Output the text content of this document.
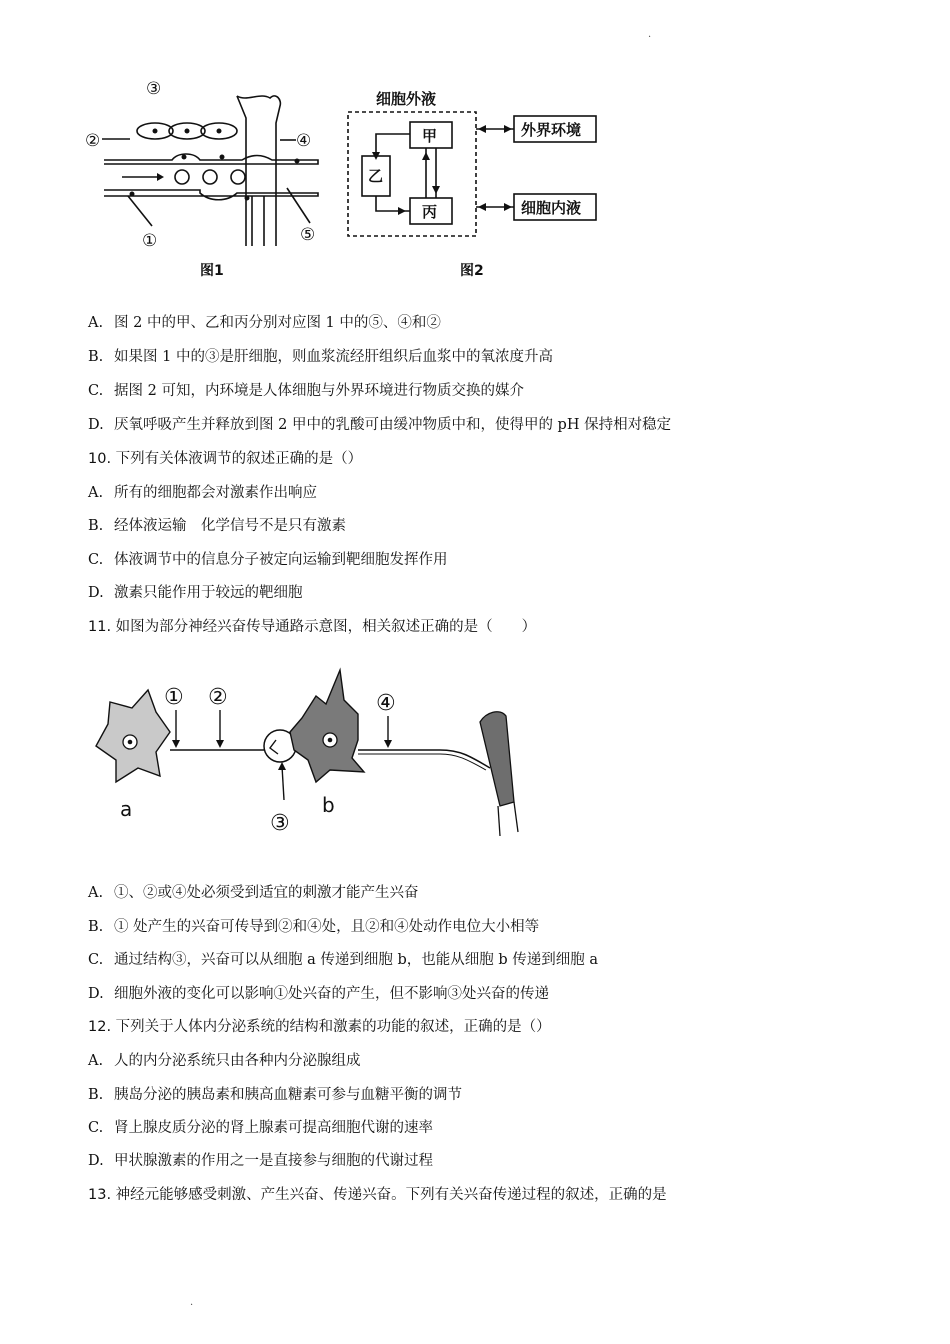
·
③
②	④
⑤
①
图1
细胞外液
甲
乙
丙
外界环境
细胞内液
图2
A. 图 2 中的甲、乙和丙分别对应图 1 中的⑤、④和②
B. 如果图 1 中的③是肝细胞，则血浆流经肝组织后血浆中的氧浓度升高
C. 据图 2 可知，内环境是人体细胞与外界环境进行物质交换的媒介
D. 厌氧呼吸产生并释放到图 2 甲中的乳酸可由缓冲物质中和，使得甲的 pH 保持相对稳定
10. 下列有关体液调节的叙述正确的是（）
A. 所有的细胞都会对激素作出响应
B. 经体液运输　化学信号不是只有激素
C. 体液调节中的信息分子被定向运输到靶细胞发挥作用
D. 激素只能作用于较远的靶细胞
11. 如图为部分神经兴奋传导通路示意图，相关叙述正确的是（　　）
① ②
③
④
a	b
A. ①、②或④处必须受到适宜的刺激才能产生兴奋
B. ① 处产生的兴奋可传导到②和④处，且②和④处动作电位大小相等
C. 通过结构③，兴奋可以从细胞 a 传递到细胞 b，也能从细胞 b 传递到细胞 a
D. 细胞外液的变化可以影响①处兴奋的产生，但不影响③处兴奋的传递
12. 下列关于人体内分泌系统的结构和激素的功能的叙述，正确的是（）
A. 人的内分泌系统只由各种内分泌腺组成
B. 胰岛分泌的胰岛素和胰高血糖素可参与血糖平衡的调节
C. 肾上腺皮质分泌的肾上腺素可提高细胞代谢的速率
D. 甲状腺激素的作用之一是直接参与细胞的代谢过程
13. 神经元能够感受刺激、产生兴奋、传递兴奋。下列有关兴奋传递过程的叙述，正确的是
·
